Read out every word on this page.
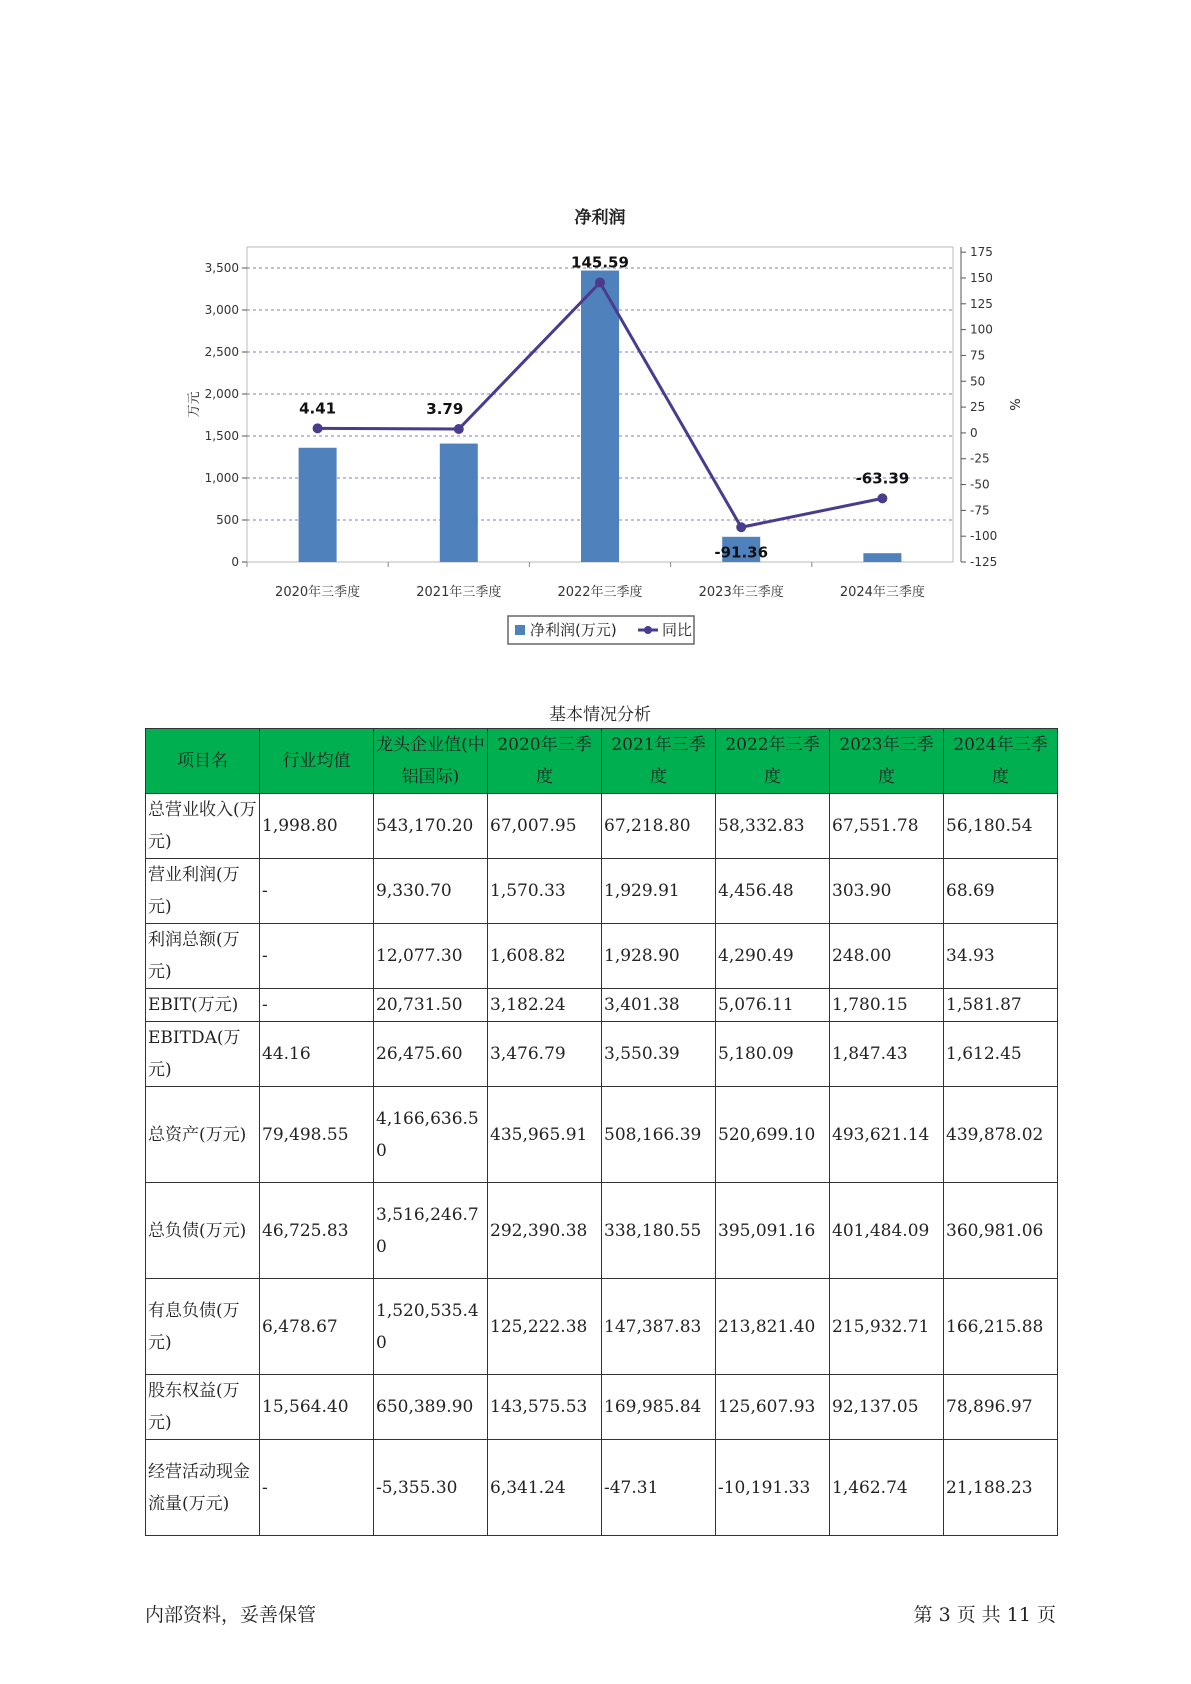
净利润
0
500
1,000
1,500
2,000
2,500
3,000
3,500
175
150
125
100
75
50
25
0
-25
-50
-75
-100
-125
万元	%
2020年三季度	2021年三季度	2022年三季度	2023年三季度	2024年三季度
4.41	3.79
145.59
-91.36
-63.39
净利润(万元)	同比
基本情况分析
项目名	行业均值	龙头企业值(中铝国际)	2020年三季度	2021年三季度	2022年三季度	2023年三季度	2024年三季度
总营业收入(万元)	1,998.80	543,170.20	67,007.95	67,218.80	58,332.83	67,551.78	56,180.54
营业利润(万元)	-	9,330.70	1,570.33	1,929.91	4,456.48	303.90	68.69
利润总额(万元)	-	12,077.30	1,608.82	1,928.90	4,290.49	248.00	34.93
EBIT(万元)	-	20,731.50	3,182.24	3,401.38	5,076.11	1,780.15	1,581.87
EBITDA(万元)	44.16	26,475.60	3,476.79	3,550.39	5,180.09	1,847.43	1,612.45
总资产(万元)	79,498.55	4,166,636.50	435,965.91	508,166.39	520,699.10	493,621.14	439,878.02
总负债(万元)	46,725.83	3,516,246.70	292,390.38	338,180.55	395,091.16	401,484.09	360,981.06
有息负债(万元)	6,478.67	1,520,535.40	125,222.38	147,387.83	213,821.40	215,932.71	166,215.88
股东权益(万元)	15,564.40	650,389.90	143,575.53	169,985.84	125,607.93	92,137.05	78,896.97
经营活动现金流量(万元)	-	-5,355.30	6,341.24	-47.31	-10,191.33	1,462.74	21,188.23
内部资料，妥善保管	第 3 页 共 11 页
